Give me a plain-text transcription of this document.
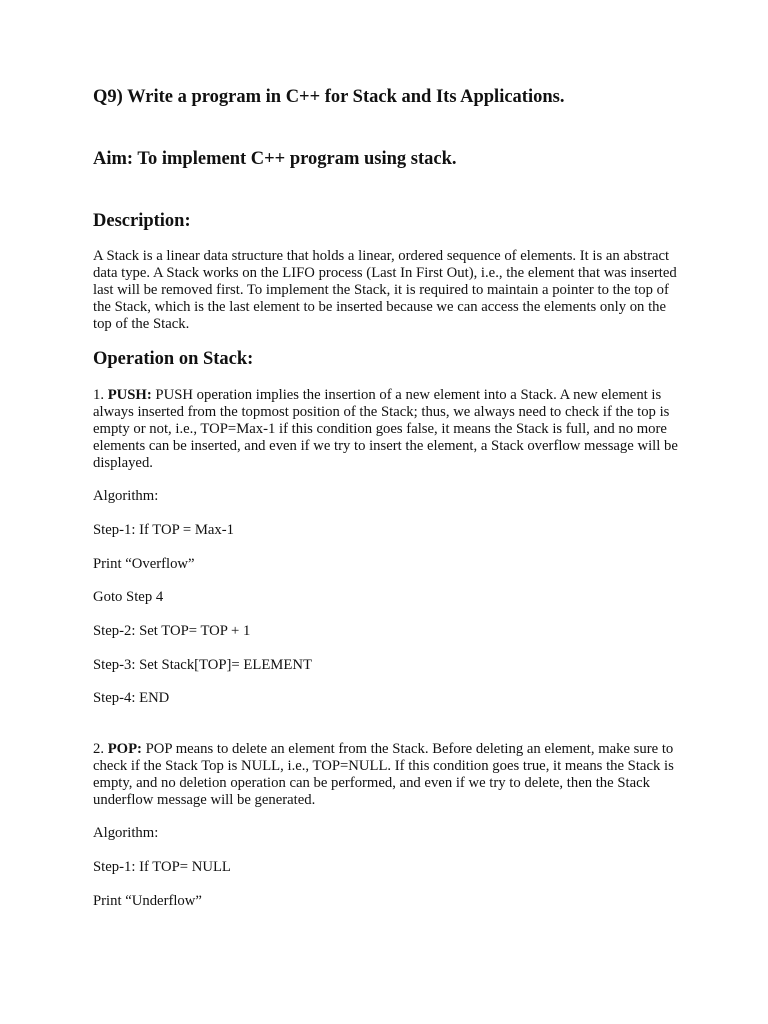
Q9) Write a program in C++ for Stack and Its Applications.
Aim: To implement C++ program using stack.
Description:

A Stack is a linear data structure that holds a linear, ordered sequence of elements. It is an abstract data type. A Stack works on the LIFO process (Last In First Out), i.e., the element that was inserted last will be removed first. To implement the Stack, it is required to maintain a pointer to the top of the Stack, which is the last element to be inserted because we can access the elements only on the top of the Stack.

Operation on Stack:

1. PUSH: PUSH operation implies the insertion of a new element into a Stack. A new element is always inserted from the topmost position of the Stack; thus, we always need to check if the top is empty or not, i.e., TOP=Max-1 if this condition goes false, it means the Stack is full, and no more elements can be inserted, and even if we try to insert the element, a Stack overflow message will be displayed.

Algorithm:
Step-1: If TOP = Max-1
Print “Overflow”
Goto Step 4
Step-2: Set TOP= TOP + 1
Step-3: Set Stack[TOP]= ELEMENT
Step-4: END

2. POP: POP means to delete an element from the Stack. Before deleting an element, make sure to check if the Stack Top is NULL, i.e., TOP=NULL. If this condition goes true, it means the Stack is empty, and no deletion operation can be performed, and even if we try to delete, then the Stack underflow message will be generated.

Algorithm:
Step-1: If TOP= NULL
Print “Underflow”
